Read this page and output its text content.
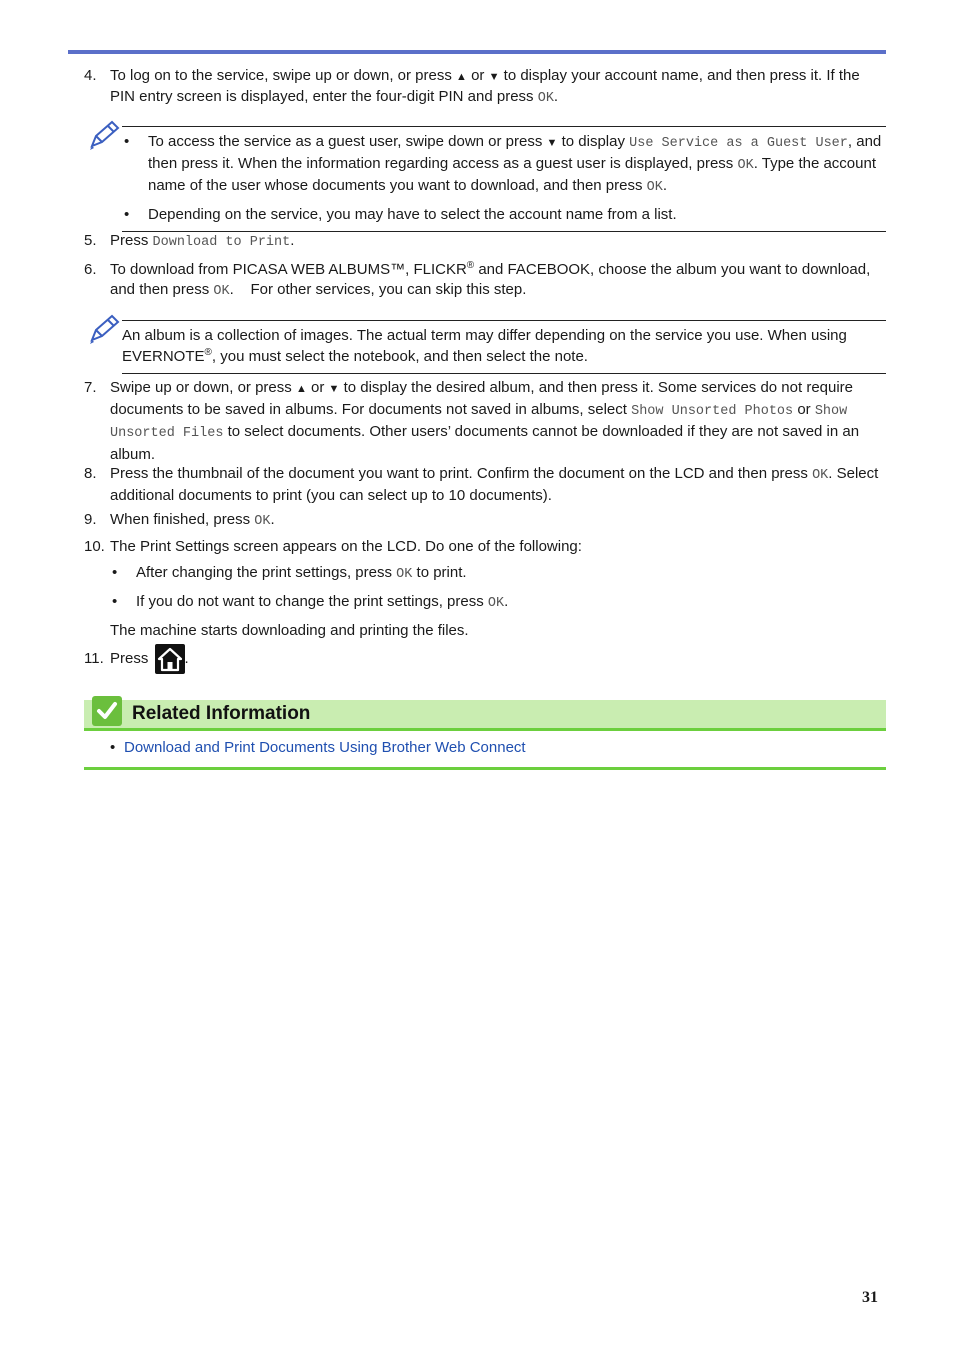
4. To log on to the service, swipe up or down, or press ▲ or ▼ to display your account name, and then press it. If the PIN entry screen is displayed, enter the four-digit PIN and press OK.
• To access the service as a guest user, swipe down or press ▼ to display Use Service as a Guest User, and then press it. When the information regarding access as a guest user is displayed, press OK. Type the account name of the user whose documents you want to download, and then press OK.
• Depending on the service, you may have to select the account name from a list.
5. Press Download to Print.
6. To download from PICASA WEB ALBUMS™, FLICKR® and FACEBOOK, choose the album you want to download, and then press OK.    For other services, you can skip this step.
An album is a collection of images. The actual term may differ depending on the service you use. When using EVERNOTE®, you must select the notebook, and then select the note.
7. Swipe up or down, or press ▲ or ▼ to display the desired album, and then press it. Some services do not require documents to be saved in albums. For documents not saved in albums, select Show Unsorted Photos or Show Unsorted Files to select documents. Other users’ documents cannot be downloaded if they are not saved in an album.
8. Press the thumbnail of the document you want to print. Confirm the document on the LCD and then press OK. Select additional documents to print (you can select up to 10 documents).
9. When finished, press OK.
10. The Print Settings screen appears on the LCD. Do one of the following:
• After changing the print settings, press OK to print.
• If you do not want to change the print settings, press OK.
The machine starts downloading and printing the files.
11. Press .
Related Information
• Download and Print Documents Using Brother Web Connect
31
